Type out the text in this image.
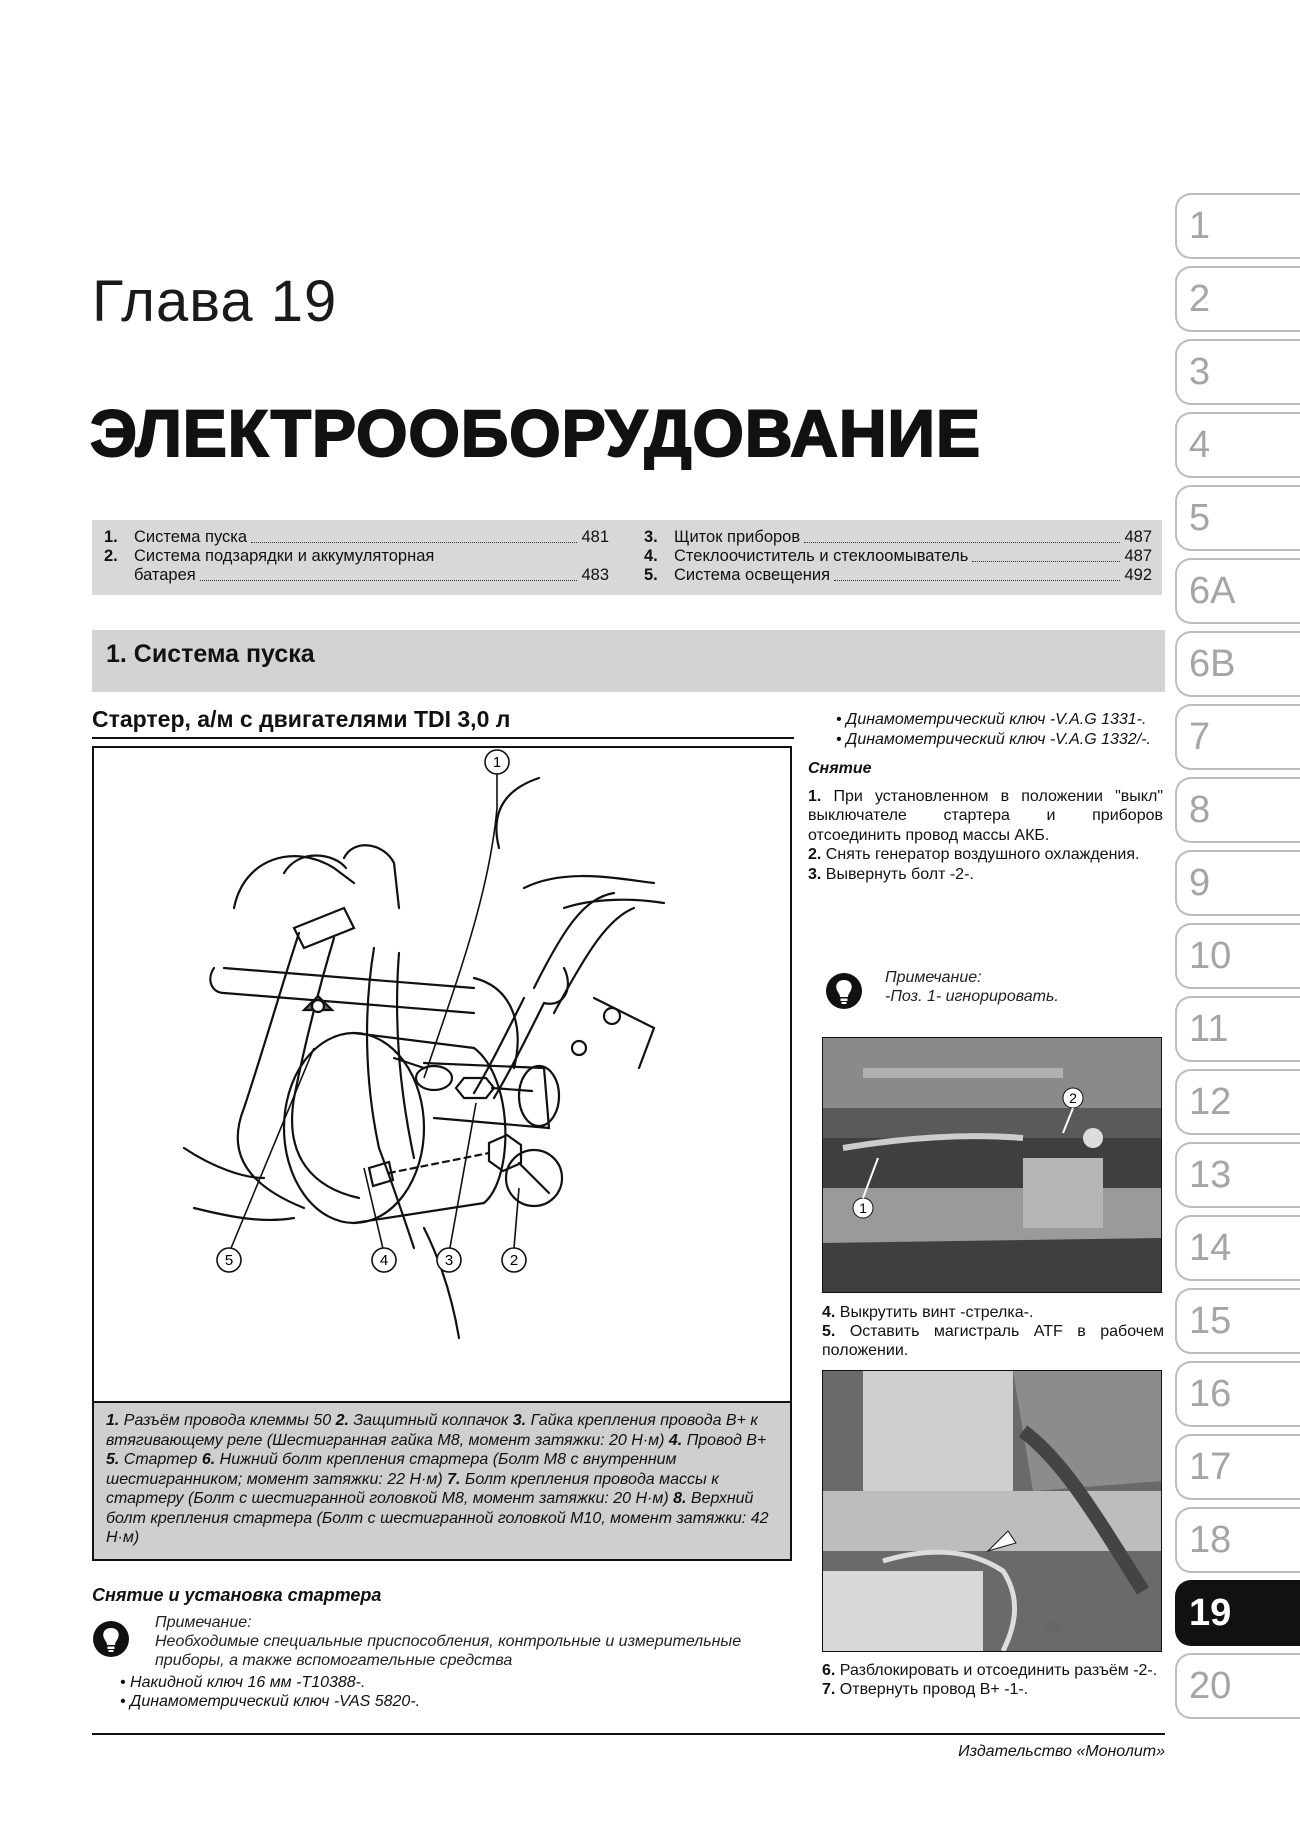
Глава 19
ЭЛЕКТРООБОРУДОВАНИЕ
1. Система пуска	481
2. Система подзарядки и аккумуляторная
батарея	483
3. Щиток приборов	487
4. Стеклоочиститель и стеклоомыватель	487
5. Система освещения	492
1. Система пуска
Стартер, а/м с двигателями TDI 3,0 л
1
2
3
4
5
1. Разъём провода клеммы 50 2. Защитный колпачок 3. Гайка крепления провода B+ к втягивающему реле (Шестигранная гайка M8, момент затяжки: 20 Н·м) 4. Провод B+ 5. Стартер 6. Нижний болт крепления стартера (Болт M8 с внутренним шестигранником; момент затяжки: 22 Н·м) 7. Болт крепления провода массы к стартеру (Болт с шестигранной головкой M8, момент затяжки: 20 Н·м) 8. Верхний болт крепления стартера (Болт с шестигранной головкой M10, момент затяжки: 42 Н·м)
Снятие и установка стартера
Примечание:
Необходимые специальные приспособления, контрольные и измерительные приборы, а также вспомогательные средства
• Накидной ключ 16 мм -T10388-.
• Динамометрический ключ -VAS 5820-.
• Динамометрический ключ -V.A.G 1331-.
• Динамометрический ключ -V.A.G 1332/-.
Снятие
1. При установленном в положении "выкл" выключателе стартера и приборов отсоединить провод массы АКБ.
2. Снять генератор воздушного охлаждения.
3. Вывернуть болт -2-.
Примечание:
-Поз. 1- игнорировать.
1
2
4. Выкрутить винт -стрелка-.
5. Оставить магистраль ATF в рабочем положении.
6. Разблокировать и отсоединить разъём -2-.
7. Отвернуть провод B+ -1-.
Издательство «Монолит»
1
2
3
4
5
6A
6B
7
8
9
10
11
12
13
14
15
16
17
18
19
20
